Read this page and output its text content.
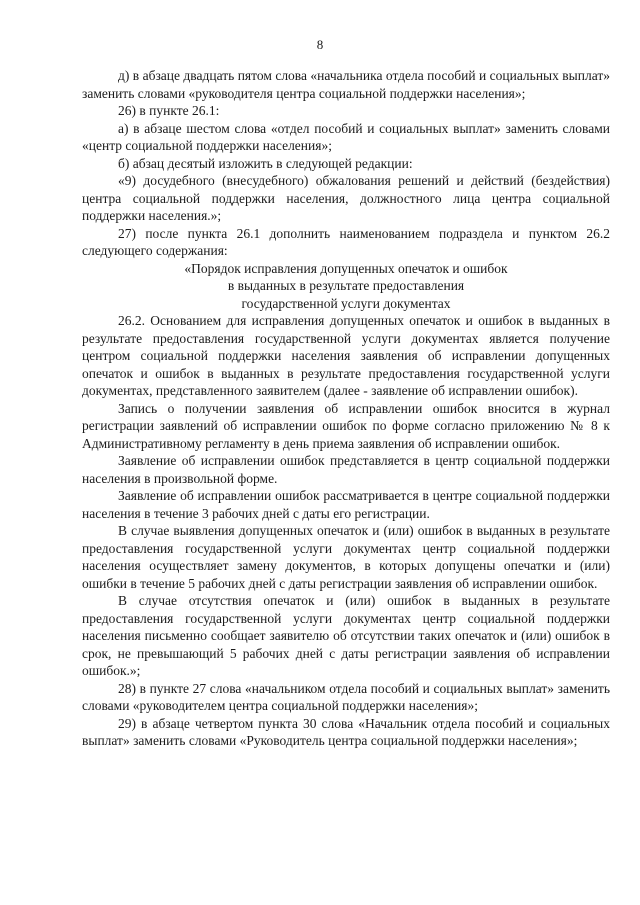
8

д) в абзаце двадцать пятом слова «начальника отдела пособий и социальных выплат» заменить словами «руководителя центра социальной поддержки населения»;

26) в пункте 26.1:

а) в абзаце шестом слова «отдел пособий и социальных выплат» заменить словами «центр социальной поддержки населения»;

б) абзац десятый изложить в следующей редакции:

«9) досудебного (внесудебного) обжалования решений и действий (бездействия) центра социальной поддержки населения, должностного лица центра социальной поддержки населения.»;

27) после пункта 26.1 дополнить наименованием подраздела и пунктом 26.2 следующего содержания:

«Порядок исправления допущенных опечаток и ошибок

в выданных в результате предоставления

государственной услуги документах

26.2. Основанием для исправления допущенных опечаток и ошибок в выданных в результате предоставления государственной услуги документах является получение центром социальной поддержки населения заявления об исправлении допущенных опечаток и ошибок в выданных в результате предоставления государственной услуги документах, представленного заявителем (далее - заявление об исправлении ошибок).

Запись о получении заявления об исправлении ошибок вносится в журнал регистрации заявлений об исправлении ошибок по форме согласно приложению № 8 к Административному регламенту в день приема заявления об исправлении ошибок.

Заявление об исправлении ошибок представляется в центр социальной поддержки населения в произвольной форме.

Заявление об исправлении ошибок рассматривается в центре социальной поддержки населения в течение 3 рабочих дней с даты его регистрации.

В случае выявления допущенных опечаток и (или) ошибок в выданных в результате предоставления государственной услуги документах центр социальной поддержки населения осуществляет замену документов, в которых допущены опечатки и (или) ошибки в течение 5 рабочих дней с даты регистрации заявления об исправлении ошибок.

В случае отсутствия опечаток и (или) ошибок в выданных в результате предоставления государственной услуги документах центр социальной поддержки населения письменно сообщает заявителю об отсутствии таких опечаток и (или) ошибок в срок, не превышающий 5 рабочих дней с даты регистрации заявления об исправлении ошибок.»;

28) в пункте 27 слова «начальником отдела пособий и социальных выплат» заменить словами «руководителем центра социальной поддержки населения»;

29) в абзаце четвертом пункта 30 слова «Начальник отдела пособий и социальных выплат» заменить словами «Руководитель центра социальной поддержки населения»;
